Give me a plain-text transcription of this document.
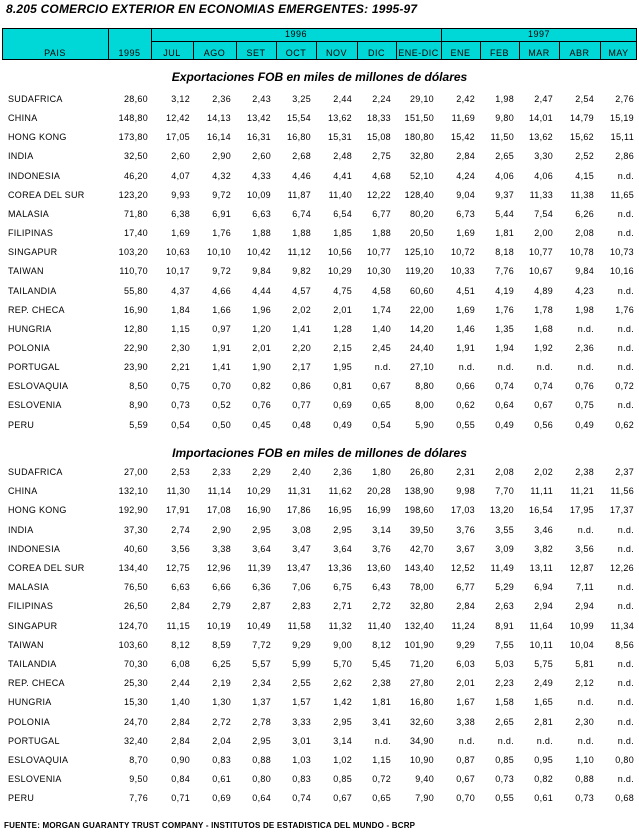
8.205 COMERCIO EXTERIOR EN ECONOMIAS EMERGENTES: 1995-97
PAIS	1995
1996	1997
JUL	AGO	SET	OCT	NOV	DIC	ENE-DIC	ENE	FEB	MAR	ABR	MAY
Exportaciones FOB en miles de millones de dólares
SUDAFRICA	28,60	3,12 2,36 2,43 3,25 2,44 2,24 29,10 2,42 1,98 2,47 2,54 2,76
CHINA	148,80 12,42 14,13 13,42 15,54 13,62 18,33 151,50 11,69 9,80 14,01 14,79 15,19
HONG KONG	173,80 17,05 16,14 16,31 16,80 15,31 15,08 180,80 15,42 11,50 13,62 15,62 15,11
INDIA	32,50	2,60 2,90 2,60 2,68 2,48 2,75 32,80 2,84 2,65 3,30 2,52 2,86
INDONESIA	46,20	4,07 4,32 4,33 4,46 4,41 4,68 52,10 4,24 4,06 4,06 4,15	n.d.
COREA DEL SUR	123,20	9,93 9,72 10,09 11,87 11,40 12,22 128,40 9,04 9,37 11,33 11,38 11,65
MALASIA	71,80	6,38 6,91 6,63 6,74 6,54 6,77 80,20 6,73 5,44 7,54 6,26	n.d.
FILIPINAS	17,40	1,69 1,76 1,88 1,88 1,85 1,88 20,50 1,69 1,81 2,00 2,08	n.d.
SINGAPUR	103,20 10,63 10,10 10,42 11,12 10,56 10,77 125,10 10,72 8,18 10,77 10,78 10,73
TAIWAN	110,70 10,17 9,72 9,84 9,82 10,29 10,30 119,20 10,33 7,76 10,67 9,84 10,16
TAILANDIA	55,80	4,37 4,66 4,44 4,57 4,75 4,58 60,60 4,51 4,19 4,89 4,23	n.d.
REP. CHECA	16,90	1,84 1,66 1,96 2,02 2,01 1,74 22,00 1,69 1,76 1,78 1,98 1,76
HUNGRIA	12,80	1,15 0,97 1,20 1,41 1,28 1,40 14,20 1,46 1,35 1,68	n.d.	n.d.
POLONIA	22,90	2,30 1,91 2,01 2,20 2,15 2,45 24,40 1,91 1,94 1,92 2,36	n.d.
PORTUGAL	23,90	2,21 1,41 1,90 2,17 1,95	n.d. 27,10	n.d.	n.d.	n.d.	n.d.	n.d.
ESLOVAQUIA	8,50	0,75 0,70 0,82 0,86 0,81 0,67	8,80 0,66 0,74 0,74 0,76 0,72
ESLOVENIA	8,90	0,73 0,52 0,76 0,77 0,69 0,65	8,00 0,62 0,64 0,67 0,75	n.d.
PERU	5,59	0,54 0,50 0,45 0,48 0,49 0,54	5,90 0,55 0,49 0,56 0,49 0,62
Importaciones FOB en miles de millones de dólares
SUDAFRICA	27,00	2,53 2,33 2,29 2,40 2,36 1,80 26,80 2,31 2,08 2,02 2,38 2,37
CHINA	132,10 11,30 11,14 10,29 11,31 11,62 20,28 138,90 9,98 7,70 11,11 11,21 11,56
HONG KONG	192,90 17,91 17,08 16,90 17,86 16,95 16,99 198,60 17,03 13,20 16,54 17,95 17,37
INDIA	37,30	2,74 2,90 2,95 3,08 2,95 3,14 39,50 3,76 3,55 3,46	n.d.	n.d.
INDONESIA	40,60	3,56 3,38 3,64 3,47 3,64 3,76 42,70 3,67 3,09 3,82 3,56	n.d.
COREA DEL SUR	134,40 12,75 12,96 11,39 13,47 13,36 13,60 143,40 12,52 11,49 13,11 12,87 12,26
MALASIA	76,50	6,63 6,66 6,36 7,06 6,75 6,43 78,00 6,77 5,29 6,94	7,11	n.d.
FILIPINAS	26,50	2,84 2,79 2,87 2,83 2,71 2,72 32,80 2,84 2,63 2,94 2,94	n.d.
SINGAPUR	124,70 11,15 10,19 10,49 11,58 11,32 11,40 132,40 11,24 8,91 11,64 10,99 11,34
TAIWAN	103,60	8,12 8,59 7,72 9,29 9,00 8,12 101,90 9,29 7,55 10,11 10,04 8,56
TAILANDIA	70,30	6,08 6,25 5,57 5,99 5,70 5,45 71,20 6,03 5,03 5,75 5,81	n.d.
REP. CHECA	25,30	2,44 2,19 2,34 2,55 2,62 2,38 27,80 2,01 2,23 2,49 2,12	n.d.
HUNGRIA	15,30	1,40 1,30 1,37 1,57 1,42 1,81 16,80 1,67 1,58 1,65	n.d.	n.d.
POLONIA	24,70	2,84 2,72 2,78 3,33 2,95 3,41 32,60 3,38 2,65 2,81 2,30	n.d.
PORTUGAL	32,40	2,84 2,04 2,95 3,01 3,14	n.d. 34,90	n.d.	n.d.	n.d.	n.d.	n.d.
ESLOVAQUIA	8,70	0,90 0,83 0,88 1,03 1,02 1,15 10,90 0,87 0,85 0,95 1,10 0,80
ESLOVENIA	9,50	0,84 0,61 0,80 0,83 0,85 0,72	9,40 0,67 0,73 0,82 0,88	n.d.
PERU	7,76	0,71 0,69 0,64 0,74 0,67 0,65	7,90 0,70 0,55 0,61 0,73 0,68
FUENTE: MORGAN GUARANTY TRUST COMPANY - INSTITUTOS DE ESTADISTICA DEL MUNDO - BCRP
